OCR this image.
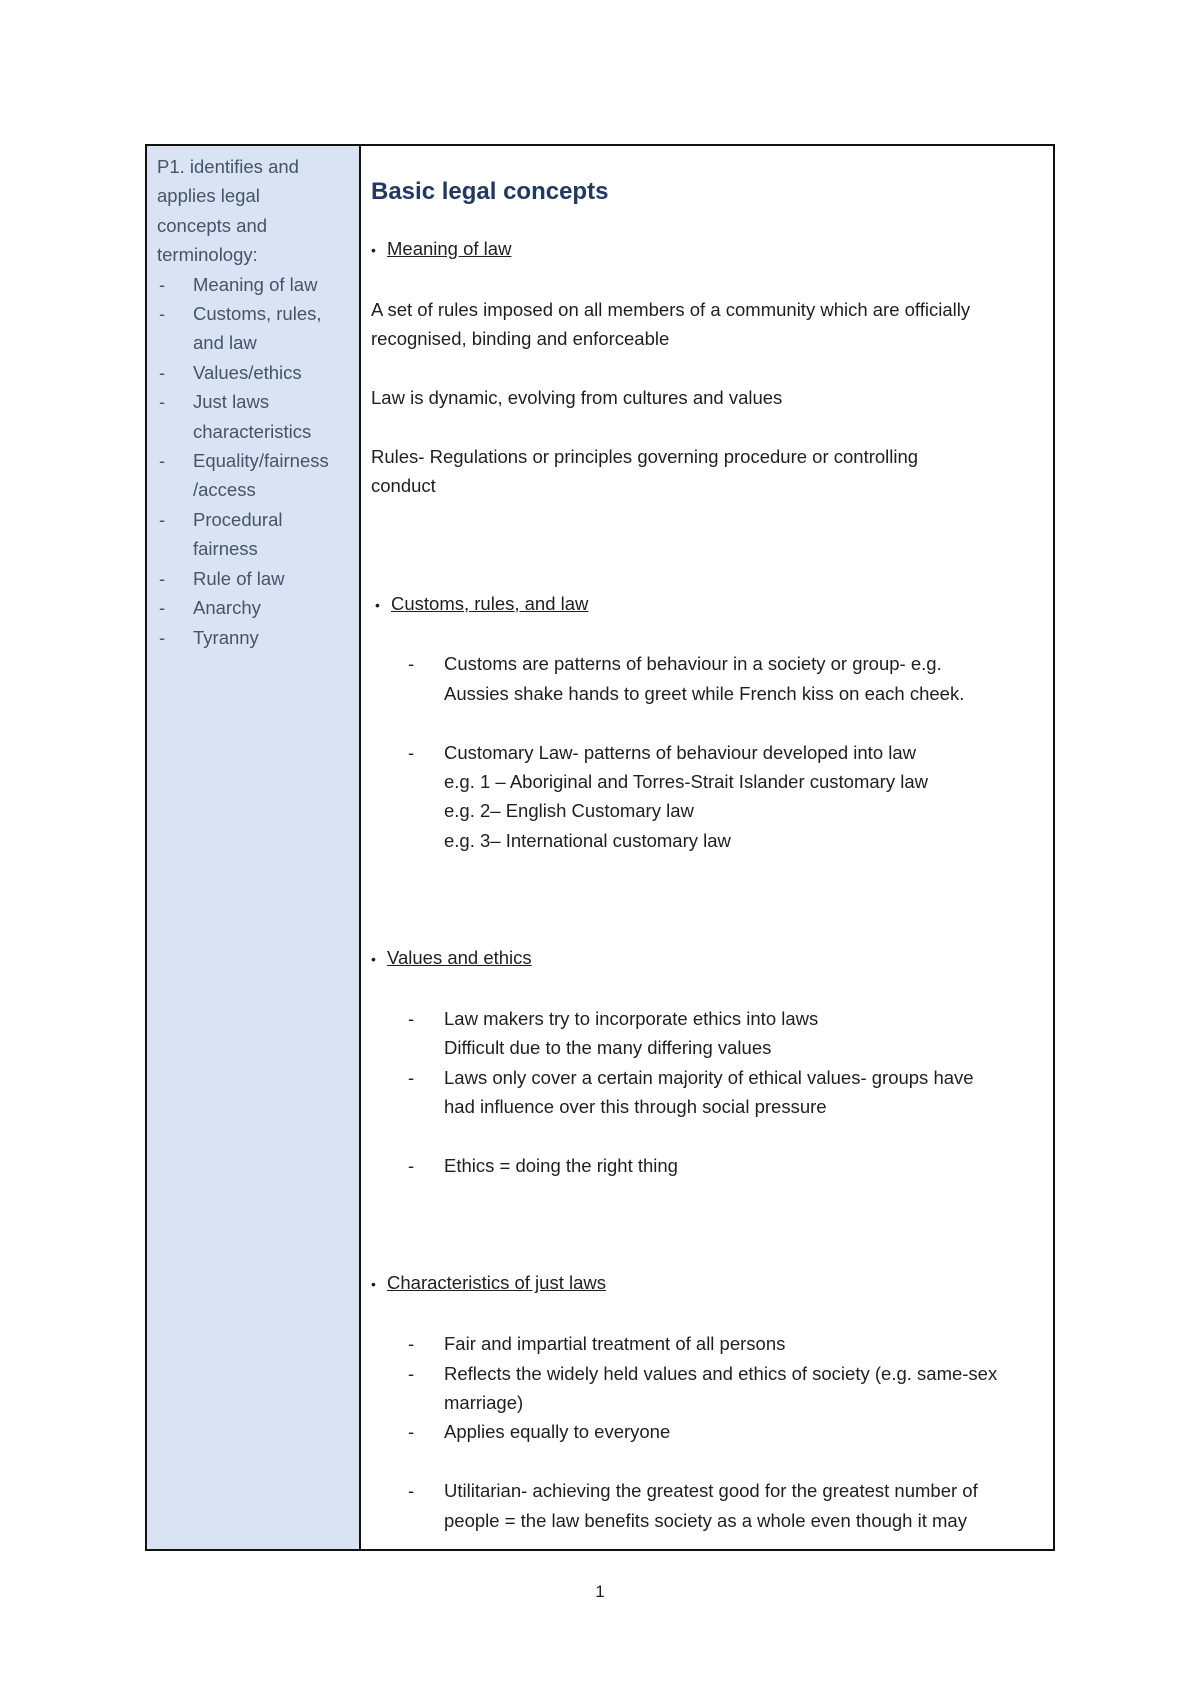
P1. identifies and
applies legal
concepts and
terminology:
- Meaning of law
- Customs, rules,
and law
- Values/ethics
- Just laws
characteristics
- Equality/fairness
/access
- Procedural
fairness
- Rule of law
- Anarchy
- Tyranny
Basic legal concepts

• Meaning of law

A set of rules imposed on all members of a community which are officially
recognised, binding and enforceable

Law is dynamic, evolving from cultures and values

Rules- Regulations or principles governing procedure or controlling
conduct

• Customs, rules, and law

- Customs are patterns of behaviour in a society or group- e.g.
Aussies shake hands to greet while French kiss on each cheek.
- Customary Law- patterns of behaviour developed into law
e.g. 1 – Aboriginal and Torres-Strait Islander customary law
e.g. 2– English Customary law
e.g. 3– International customary law

• Values and ethics

- Law makers try to incorporate ethics into laws
Difficult due to the many differing values
- Laws only cover a certain majority of ethical values- groups have
had influence over this through social pressure
- Ethics = doing the right thing

• Characteristics of just laws

- Fair and impartial treatment of all persons
- Reflects the widely held values and ethics of society (e.g. same-sex
marriage)
- Applies equally to everyone
- Utilitarian- achieving the greatest good for the greatest number of
people = the law benefits society as a whole even though it may
1
